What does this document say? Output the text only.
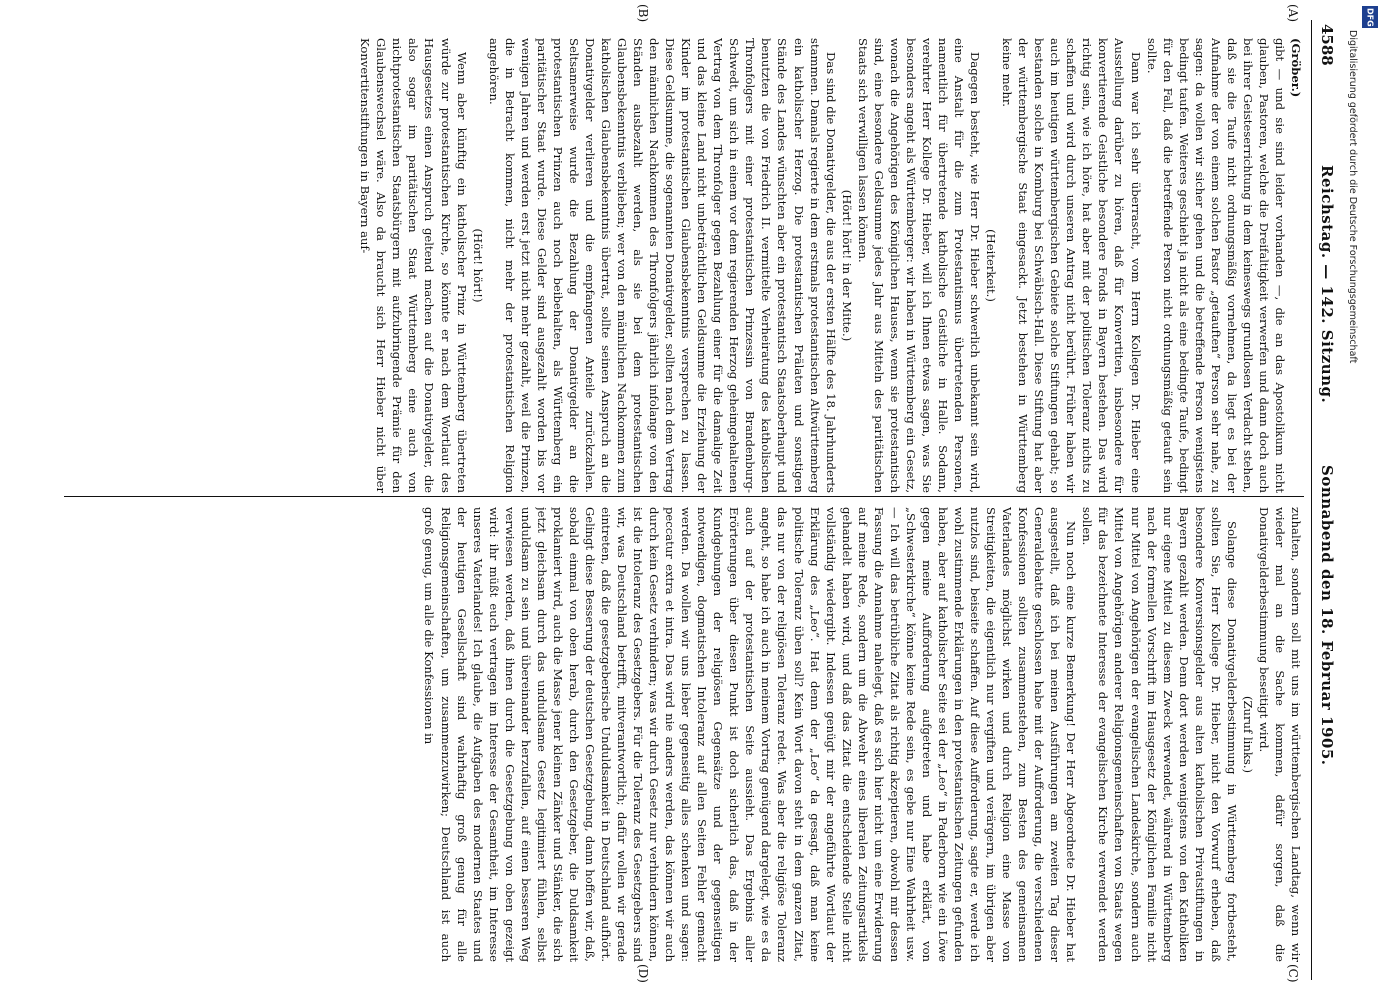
DFG
Digitalisierung gefördert durch die Deutsche Forschungsgemeinschaft
4588
Reichstag. — 142. Sitzung.
Sonnabend den 18. Februar 1905.
(A)
(B)
(C)
(D)

(Gröber.)

gibt — und sie sind leider vorhanden —, die an das Apostolikum nicht glauben, Pastoren, welche die Dreifaltigkeit verwerfen und dann doch auch bei ihrer Geisteserrichtung in dem keineswegs grundlosen Verdacht stehen, daß sie die Taufe nicht ordnungsmäßig vornehmen, da liegt es bei der Aufnahme der von einem solchen Pastor „getauften“ Person sehr nahe, zu sagen: da wollen wir sicher gehen und die betreffende Person wenigstens bedingt taufen. Weiteres geschieht ja nicht als eine bedingte Taufe, bedingt für den Fall, daß die betreffende Person nicht ordnungsmäßig getauft sein sollte.

Dann war ich sehr überrascht, vom Herrn Kollegen Dr. Hieber eine Ausstellung darüber zu hören, daß für Konvertiten, insbesondere für konvertierende Geistliche besondere Fonds in Bayern bestehen. Das wird richtig sein, wie ich höre, hat aber mit der politischen Toleranz nichts zu schaffen und wird durch unseren Antrag nicht berührt. Früher haben wir auch im heutigen württembergischen Gebiete solche Stiftungen gehabt; so bestanden solche in Komburg bei Schwäbisch-Hall. Diese Stiftung hat aber der württembergische Staat eingesackt. Jetzt bestehen in Württemberg keine mehr.

(Heiterkeit.)

Dagegen besteht, wie Herr Dr. Hieber schwerlich unbekannt sein wird, eine Anstalt für die zum Protestantismus übertretenden Personen, namentlich für übertretende katholische Geistliche in Halle. Sodann, verehrter Herr Kollege Dr. Hieber, will ich Ihnen etwas sagen, was Sie besonders angeht als Württemberger: wir haben in Württemberg ein Gesetz, wonach die Angehörigen des Königlichen Hauses, wenn sie protestantisch sind, eine besondere Geldsumme jedes Jahr aus Mitteln des paritätischen Staats sich verwilligen lassen können.

(Hört! hört! in der Mitte.)

Das sind die Donativgelder, die aus der ersten Hälfte des 18. Jahrhunderts stammen. Damals regierte in dem erstmals protestantischen Altwürttemberg ein katholischer Herzog. Die protestantischen Prälaten und sonstigen Stände des Landes wünschten aber ein protestantisch Staatsoberhaupt und benutzten die von Friedrich II. vermittelte Verheiratung des katholischen Thronfolgers mit einer protestantischen Prinzessin von Brandenburg-Schwedt, um sich in einem vor dem regierenden Herzog geheimgehaltenen Vertrag von dem Thronfolger gegen Bezahlung einer für die damalige Zeit und das kleine Land nicht unbeträchtlichen Geldsumme die Erziehung der Kinder im protestantischen Glaubensbekenntnis versprechen zu lassen. Diese Geldsumme, die sogenannten Donativgelder, sollten nach dem Vertrag den männlichen Nachkommen des Thronfolgers jährlich infolange von den Ständen ausbezahlt werden, als sie bei dem protestantischen Glaubensbekenntnis verblieben; wer von den männlichen Nachkommen zum katholischen Glaubensbekenntnis übertrat, sollte seinen Anspruch an die Donativgelder verlieren und die empfangenen Anteile zurückzahlen. Seltsamerweise wurde die Bezahlung der Donativgelder an die protestantischen Prinzen auch noch beibehalten, als Württemberg ein paritätischer Staat wurde. Diese Gelder sind ausgezahlt worden bis vor wenigen Jahren und werden erst jetzt nicht mehr gezahlt, weil die Prinzen, die in Betracht kommen, nicht mehr der protestantischen Religion angehören.

(Hört! hört!)

Wenn aber künftig ein katholischer Prinz in Württemberg übertreten würde zur protestantischen Kirche, so könnte er nach dem Wortlaut des Hausgesetzes einen Anspruch geltend machen auf die Donativgelder, die also sogar im paritätischen Staat Württemberg eine auch von nichtprotestantischen Staatsbürgern mit aufzubringende Prämie für den Glaubenswechsel wäre. Also da braucht sich Herr Hieber nicht über Konvertitenstiftungen in Bayern auf-

zuhalten, sondern soll mit uns im württembergischen Landtag, wenn wir wieder mal an die Sache kommen, dafür sorgen, daß die Donativgelderbestimmung beseitigt wird.

(Zuruf links.)

Solange diese Donativgelderbestimmung in Württemberg fortbesteht, sollten Sie, Herr Kollege Dr. Hieber, nicht den Vorwurf erheben, daß besondere Konversionsgelder aus alten katholischen Privatstiftungen in Bayern gezahlt werden. Denn dort werden wenigstens von den Katholiken nur eigene Mittel zu diesem Zweck verwendet, während in Württemberg nach der formellen Vorschrift im Hausgesetz der Königlichen Familie nicht nur Mittel von Angehörigen der evangelischen Landeskirche, sondern auch Mittel von Angehörigen anderer Religionsgemeinschaften von Staats wegen für das bezeichnete Interesse der evangelischen Kirche verwendet werden sollen.

Nun noch eine kurze Bemerkung! Der Herr Abgeordnete Dr. Hieber hat ausgestellt, daß ich bei meinen Ausführungen am zweiten Tag dieser Generaldebatte geschlossen habe mit der Aufforderung, die verschiedenen Konfessionen sollten zusammenstehen, zum Besten des gemeinsamen Vaterlandes möglichst wirken und durch Religion eine Masse von Streitigkeiten, die eigentlich nur vergiften und verärgern, im übrigen aber nutzlos sind, beiseite schaffen. Auf diese Aufforderung, sagte er, werde ich wohl zustimmende Erklärungen in den protestantischen Zeitungen gefunden haben, aber auf katholischer Seite sei der „Leo“ in Paderborn wie ein Löwe gegen meine Aufforderung aufgetreten und habe erklärt, von „Schwesterkirche“ könne keine Rede sein, es gebe nur Eine Wahrheit usw. — Ich will das betrübliche Zitat als richtig akzeptieren, obwohl mir dessen Fassung die Annahme nahelegt, daß es sich hier nicht um eine Erwiderung auf meine Rede, sondern um die Abwehr eines liberalen Zeitungsartikels gehandelt haben wird, und daß das Zitat die entscheidende Stelle nicht vollständig wiedergibt. Indessen genügt mir der angeführte Wortlaut der Erklärung des „Leo“. Hat denn der „Leo“ da gesagt, daß man keine politische Toleranz üben soll? Kein Wort davon steht in dem ganzen Zitat, das nur von der religiösen Toleranz redet. Was aber die religiöse Toleranz angeht, so habe ich auch in meinem Vortrag genügend dargelegt, wie es da auch auf der protestantischen Seite aussieht. Das Ergebnis aller Erörterungen über diesen Punkt ist doch sicherlich das, daß in der Kundgebungen der religiösen Gegensätze und der gegenseitigen notwendigen, dogmatischen Intoleranz auf allen Seiten Fehler gemacht werden. Da wollen wir uns lieber gegenseitig alles schenken und sagen: peccatur extra et intra. Das wird nie anders werden, das können wir auch durch kein Gesetz verhindern; was wir durch Gesetz nur verhindern können, ist die Intoleranz des Gesetzgebers. Für die Toleranz des Gesetzgebers sind wir, was Deutschland betrifft, mitverantwortlich; dafür wollen wir gerade eintreten, daß die gesetzgeberische Unduldsamkeit in Deutschland aufhört. Gelingt diese Besserung der deutschen Gesetzgebung, dann hoffen wir, daß, sobald einmal von oben herab, durch den Gesetzgeber, die Duldsamkeit proklamiert wird, auch die Masse jener kleinen Zänker und Stänker, die sich jetzt gleichsam durch das unduldsame Gesetz legitimiert fühlen, selbst unduldsam zu sein und übereinander herzufallen, auf einen besseren Weg verwiesen werden, daß ihnen durch die Gesetzgebung von oben gezeigt wird: ihr müßt euch vertragen im Interesse der Gesamtheit, im Interesse unseres Vaterlandes! Ich glaube, die Aufgaben des modernen Staates und der heutigen Gesellschaft sind wahrhaftig groß genug für alle Religionsgemeinschaften, um zusammenzuwirken; Deutschland ist auch groß genug, um alle die Konfessionen in
